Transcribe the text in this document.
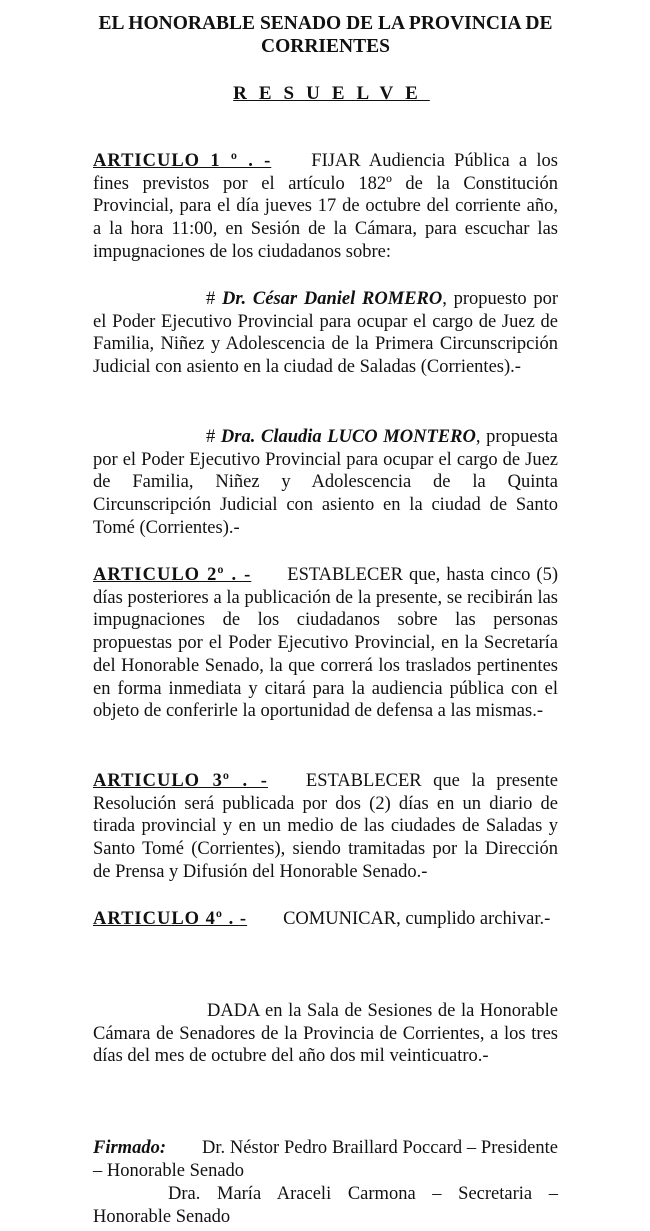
EL HONORABLE SENADO DE LA PROVINCIA DE CORRIENTES
RESUELVE

ARTICULO 1 º . - FIJAR Audiencia Pública a los fines previstos por el artículo 182º de la Constitución Provincial, para el día jueves 17 de octubre del corriente año, a la hora 11:00, en Sesión de la Cámara, para escuchar las impugnaciones de los ciudadanos sobre:

# Dr. César Daniel ROMERO, propuesto por el Poder Ejecutivo Provincial para ocupar el cargo de Juez de Familia, Niñez y Adolescencia de la Primera Circunscripción Judicial con asiento en la ciudad de Saladas (Corrientes).-

# Dra. Claudia LUCO MONTERO, propuesta por el Poder Ejecutivo Provincial para ocupar el cargo de Juez de Familia, Niñez y Adolescencia de la Quinta Circunscripción Judicial con asiento en la ciudad de Santo Tomé (Corrientes).-

ARTICULO 2º . - ESTABLECER que, hasta cinco (5) días posteriores a la publicación de la presente, se recibirán las impugnaciones de los ciudadanos sobre las personas propuestas por el Poder Ejecutivo Provincial, en la Secretaría del Honorable Senado, la que correrá los traslados pertinentes en forma inmediata y citará para la audiencia pública con el objeto de conferirle la oportunidad de defensa a las mismas.-

ARTICULO 3º . - ESTABLECER que la presente Resolución será publicada por dos (2) días en un diario de tirada provincial y en un medio de las ciudades de Saladas y Santo Tomé (Corrientes), siendo tramitadas por la Dirección de Prensa y Difusión del Honorable Senado.-

ARTICULO 4º . - COMUNICAR, cumplido archivar.-

DADA en la Sala de Sesiones de la Honorable Cámara de Senadores de la Provincia de Corrientes, a los tres días del mes de octubre del año dos mil veinticuatro.-

Firmado: Dr. Néstor Pedro Braillard Poccard – Presidente – Honorable Senado

Dra. María Araceli Carmona – Secretaria – Honorable Senado
